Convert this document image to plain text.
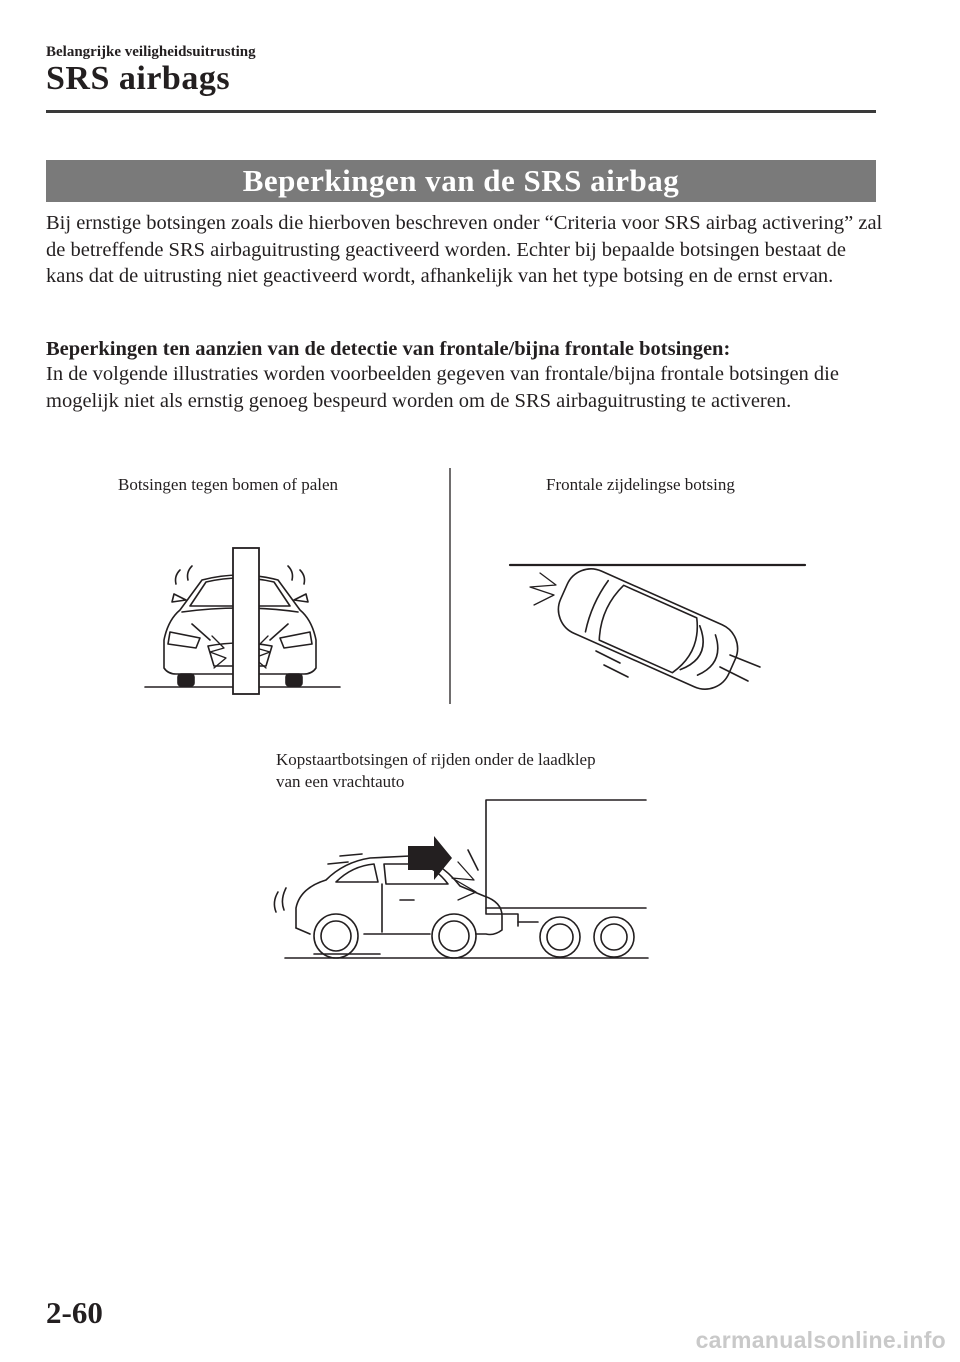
Belangrijke veiligheidsuitrusting
SRS airbags
Beperkingen van de SRS airbag
Bij ernstige botsingen zoals die hierboven beschreven onder “Criteria voor SRS airbag activering” zal de betreffende SRS airbaguitrusting geactiveerd worden. Echter bij bepaalde botsingen bestaat de kans dat de uitrusting niet geactiveerd wordt, afhankelijk van het type botsing en de ernst ervan.
Beperkingen ten aanzien van de detectie van frontale/bijna frontale botsingen:
In de volgende illustraties worden voorbeelden gegeven van frontale/bijna frontale botsingen die mogelijk niet als ernstig genoeg bespeurd worden om de SRS airbaguitrusting te activeren.
Botsingen tegen bomen of palen	Frontale zijdelingse botsing
Kopstaartbotsingen of rijden onder de laadklep
van een vrachtauto
2-60
carmanualsonline.info
